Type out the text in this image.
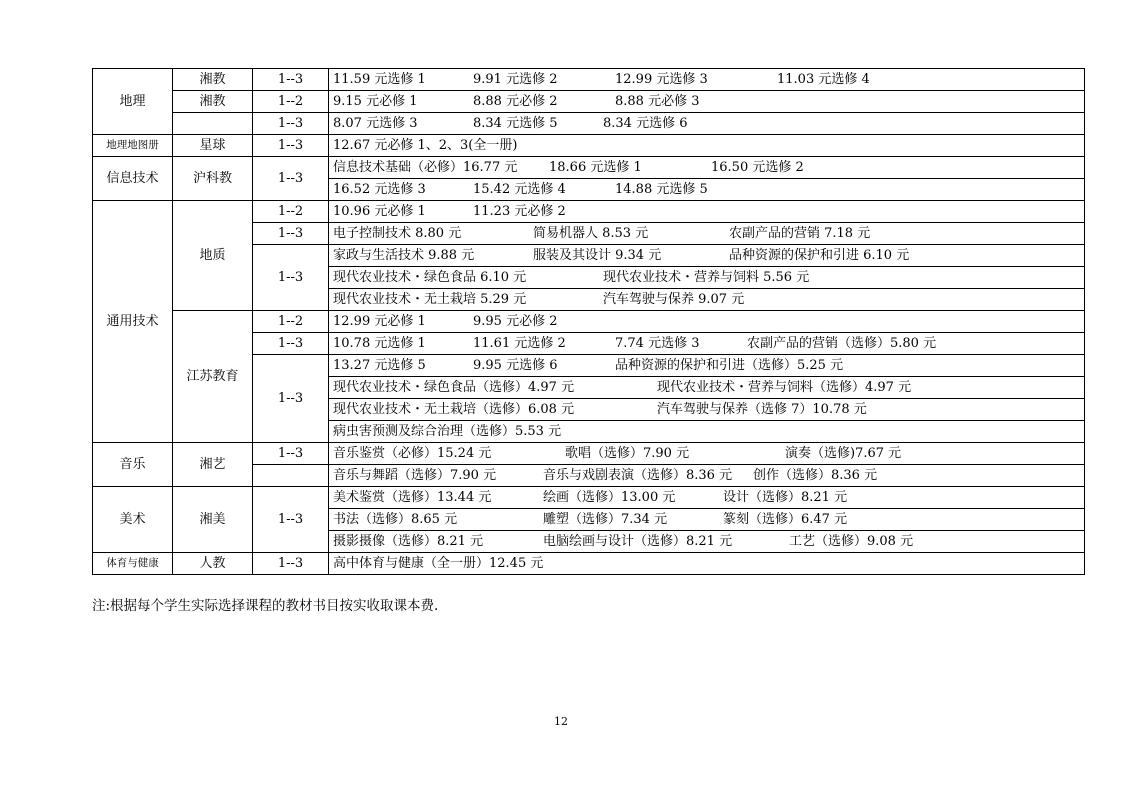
地理	湘教	1--3	11.59 元选修 1 9.91 元选修 2 12.99 元选修 3 11.03 元选修 4

	湘教	1--2	9.15 元必修 1 8.88 元必修 2 8.88 元必修 3

		1--3	8.07 元选修 3 8.34 元选修 5 8.34 元选修 6

地理地图册	星球	1--3	12.67 元必修 1、2、3(全一册)

信息技术	沪科教	1--3	信息技术基础（必修）16.77 元 18.66 元选修 1 16.50 元选修 2

			16.52 元选修 3 15.42 元选修 4 14.88 元选修 5

通用技术	地质	1--2	10.96 元必修 1 11.23 元必修 2

		1--3	电子控制技术 8.80 元 简易机器人 8.53 元 农副产品的营销 7.18 元

		1--3	家政与生活技术 9.88 元 服装及其设计 9.34 元 品种资源的保护和引进 6.10 元

			现代农业技术・绿色食品 6.10 元 现代农业技术・营养与饲料 5.56 元

			现代农业技术・无土栽培 5.29 元 汽车驾驶与保养 9.07 元

	江苏教育	1--2	12.99 元必修 1 9.95 元必修 2

		1--3	10.78 元选修 1 11.61 元选修 2 7.74 元选修 3 农副产品的营销（选修）5.80 元

		1--3	13.27 元选修 5 9.95 元选修 6 品种资源的保护和引进（选修）5.25 元

			现代农业技术・绿色食品（选修）4.97 元 现代农业技术・营养与饲料（选修）4.97 元

			现代农业技术・无土栽培（选修）6.08 元 汽车驾驶与保养（选修 7）10.78 元

			病虫害预测及综合治理（选修）5.53 元

音乐	湘艺	1--3	音乐鉴赏（必修）15.24 元 歌唱（选修）7.90 元 演奏（选修)7.67 元

			音乐与舞蹈（选修）7.90 元 音乐与戏剧表演（选修）8.36 元 创作（选修）8.36 元

美术	湘美	1--3	美术鉴赏（选修）13.44 元 绘画（选修）13.00 元 设计（选修）8.21 元

			书法（选修）8.65 元 雕塑（选修）7.34 元 篆刻（选修）6.47 元

			摄影摄像（选修）8.21 元 电脑绘画与设计（选修）8.21 元 工艺（选修）9.08 元

体育与健康	人教	1--3	高中体育与健康（全一册）12.45 元
注:根据每个学生实际选择课程的教材书目按实收取课本费.
12
